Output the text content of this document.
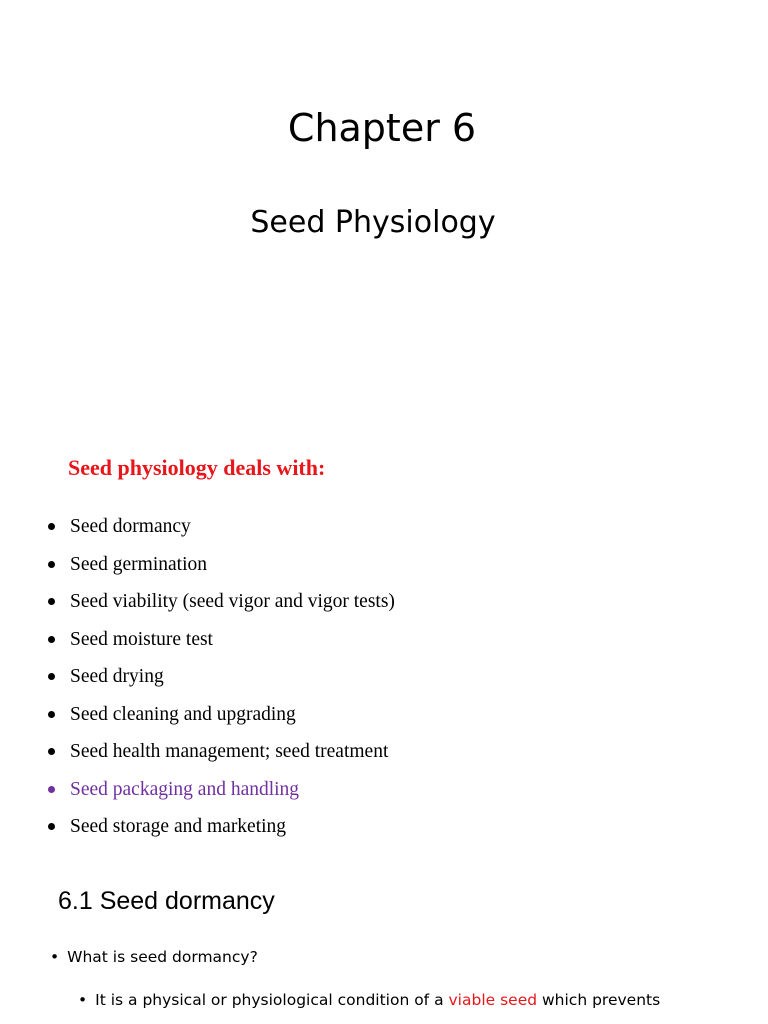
Chapter 6
Seed Physiology
Seed physiology deals with:
Seed dormancy
Seed germination
Seed viability (seed vigor and vigor tests)
Seed moisture test
Seed drying
Seed cleaning and upgrading
Seed health management; seed treatment
Seed packaging and handling
Seed storage and marketing
6.1 Seed dormancy
• What is seed dormancy?
• It is a physical or physiological condition of a viable seed which prevents
